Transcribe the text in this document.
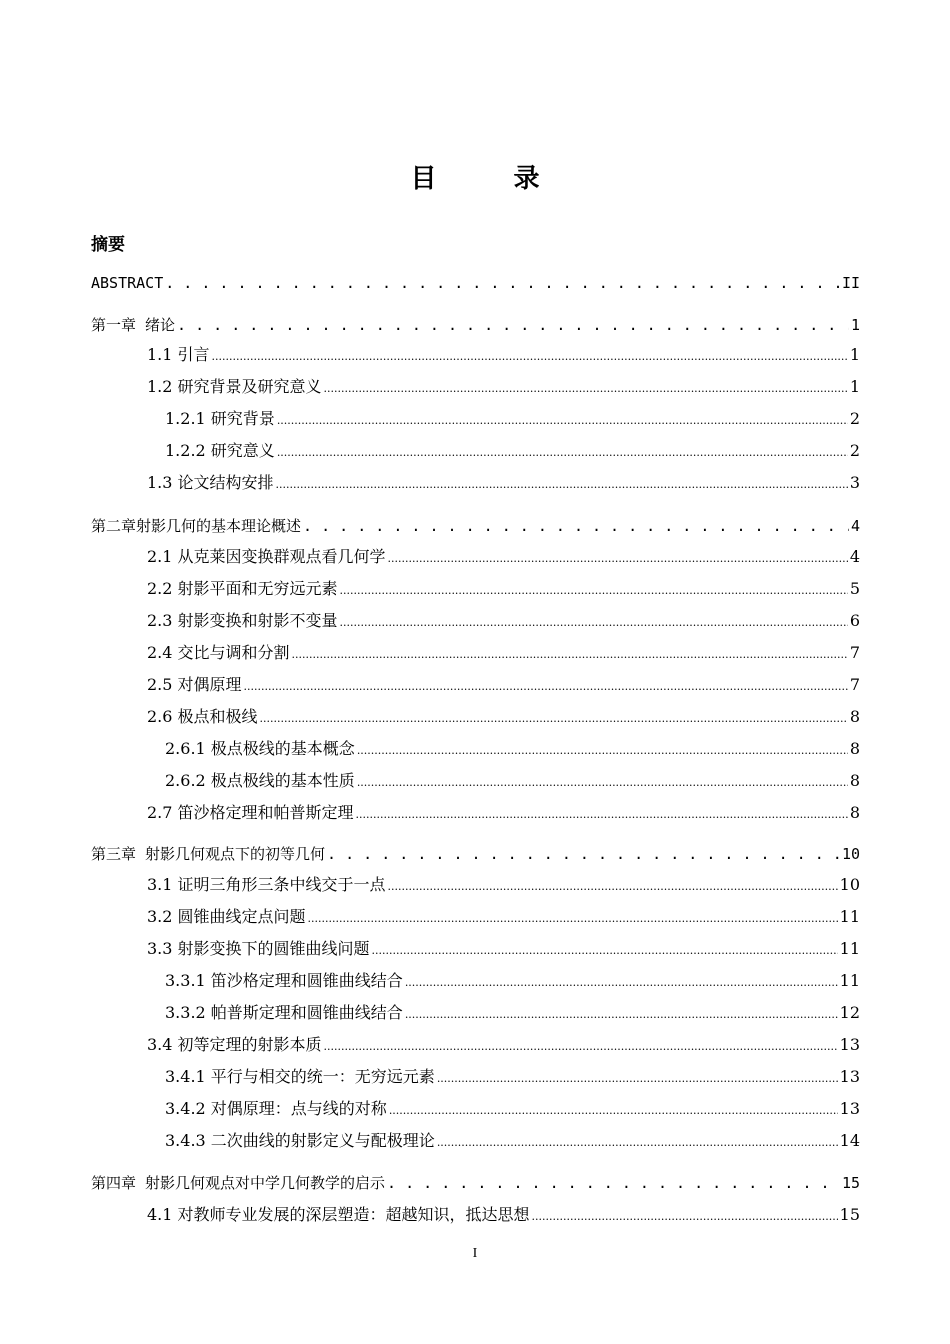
目 录
摘要
ABSTRACT . . .	II
第一章 绪论 . . .	1
1.1 引言 .....	1
1.2 研究背景及研究意义 .....	1
1.2.1 研究背景 .....	2
1.2.2 研究意义 .....	2
1.3 论文结构安排 .....	3
第二章射影几何的基本理论概述 . . .	4
2.1 从克莱因变换群观点看几何学 .....	4
2.2 射影平面和无穷远元素 .....	5
2.3 射影变换和射影不变量 .....	6
2.4 交比与调和分割 .....	7
2.5 对偶原理 .....	7
2.6 极点和极线 .....	8
2.6.1 极点极线的基本概念 .....	8
2.6.2 极点极线的基本性质 .....	8
2.7 笛沙格定理和帕普斯定理 .....	8
第三章 射影几何观点下的初等几何 . . .	10
3.1 证明三角形三条中线交于一点 .....	10
3.2 圆锥曲线定点问题 .....	11
3.3 射影变换下的圆锥曲线问题 .....	11
3.3.1 笛沙格定理和圆锥曲线结合 .....	11
3.3.2 帕普斯定理和圆锥曲线结合 .....	12
3.4 初等定理的射影本质 .....	13
3.4.1 平行与相交的统一：无穷远元素 .....	13
3.4.2 对偶原理：点与线的对称 .....	13
3.4.3 二次曲线的射影定义与配极理论 .....	14
第四章 射影几何观点对中学几何教学的启示 . . .	15
4.1 对教师专业发展的深层塑造：超越知识，抵达思想 .....	15
I
